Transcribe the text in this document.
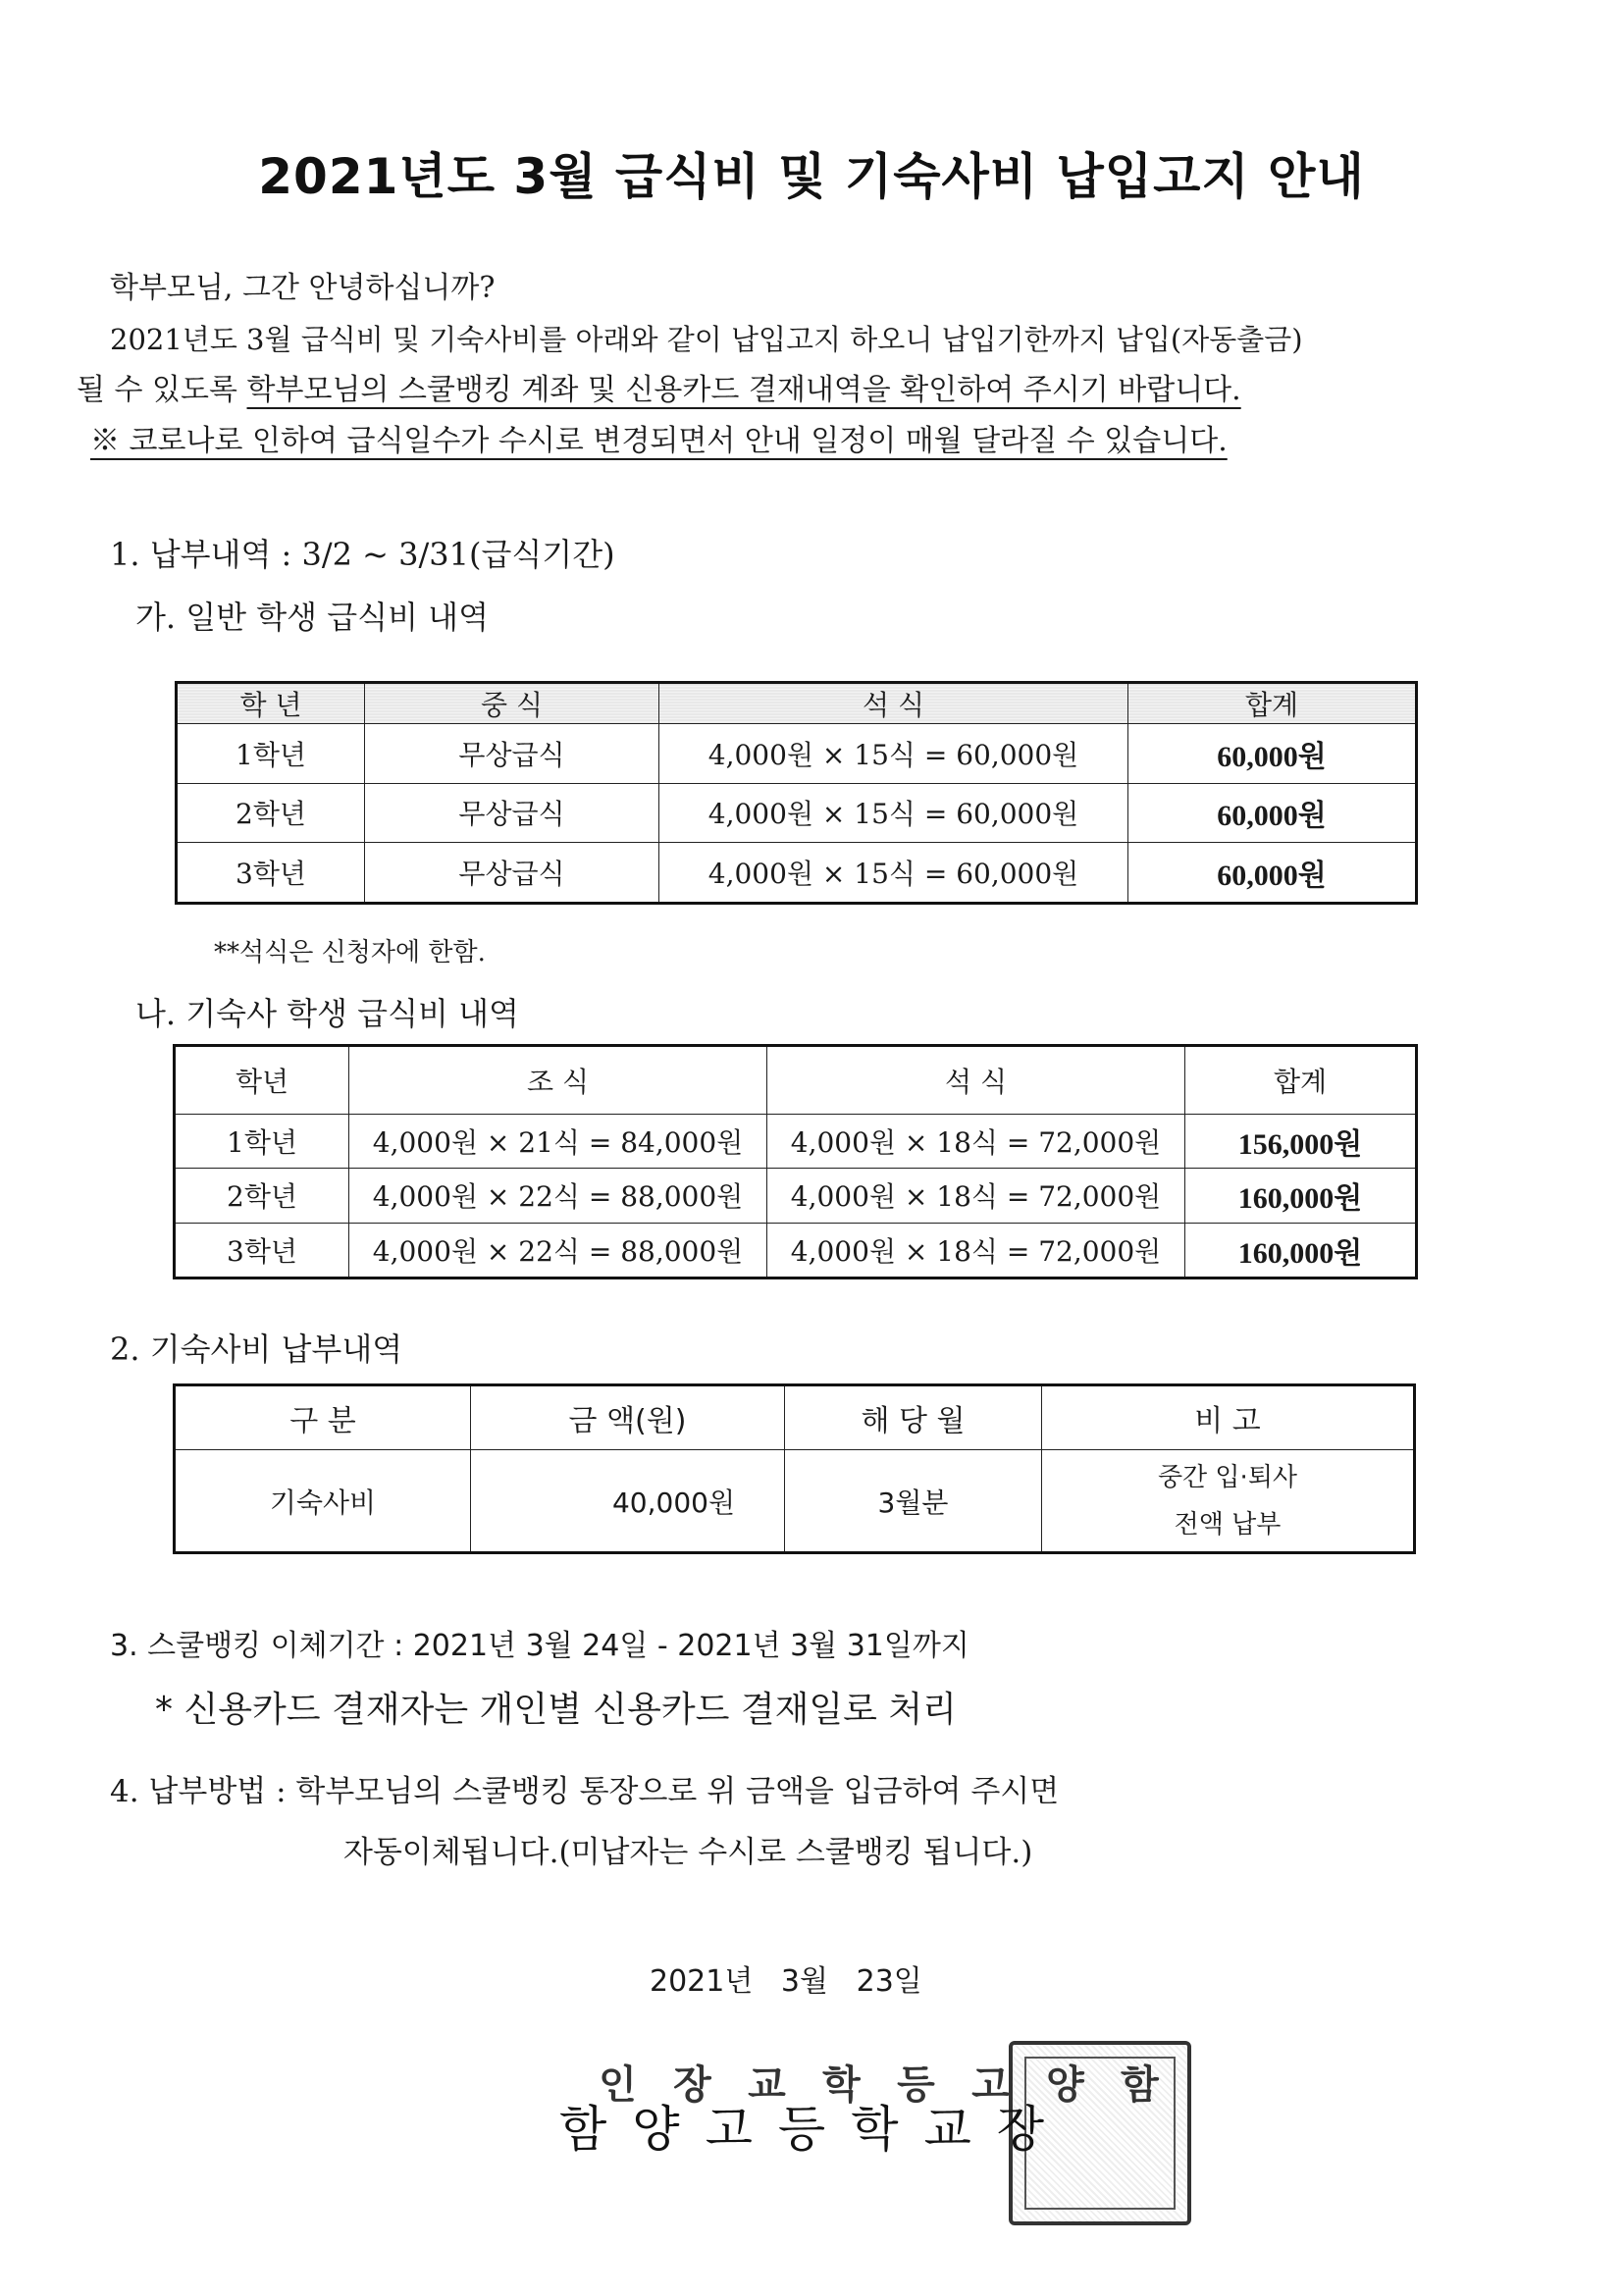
2021년도 3월 급식비 및 기숙사비 납입고지 안내
학부모님, 그간 안녕하십니까?
2021년도 3월 급식비 및 기숙사비를 아래와 같이 납입고지 하오니 납입기한까지 납입(자동출금)
될 수 있도록 학부모님의 스쿨뱅킹 계좌 및 신용카드 결재내역을 확인하여 주시기 바랍니다.
※ 코로나로 인하여 급식일수가 수시로 변경되면서 안내 일정이 매월 달라질 수 있습니다.
1. 납부내역 : 3/2 ~ 3/31(급식기간)
가. 일반 학생 급식비 내역
학 년	중 식	석 식	합계
1학년	무상급식	4,000원 × 15식 = 60,000원	60,000원
2학년	무상급식	4,000원 × 15식 = 60,000원	60,000원
3학년	무상급식	4,000원 × 15식 = 60,000원	60,000원
**석식은 신청자에 한함.
나. 기숙사 학생 급식비 내역
학년	조 식	석 식	합계
1학년	4,000원 × 21식 = 84,000원	4,000원 × 18식 = 72,000원	156,000원
2학년	4,000원 × 22식 = 88,000원	4,000원 × 18식 = 72,000원	160,000원
3학년	4,000원 × 22식 = 88,000원	4,000원 × 18식 = 72,000원	160,000원
2. 기숙사비 납부내역
구 분	금 액(원)	해 당 월	비 고
기숙사비	40,000원	3월분	중간 입·퇴사
전액 납부
3. 스쿨뱅킹 이체기간 : 2021년 3월 24일 - 2021년 3월 31일까지
* 신용카드 결재자는 개인별 신용카드 결재일로 처리
4. 납부방법 : 학부모님의 스쿨뱅킹 통장으로 위 금액을 입금하여 주시면
자동이체됩니다.(미납자는 수시로 스쿨뱅킹 됩니다.)
2021년   3월   23일
함양고등학교장인
함양고등학교장
